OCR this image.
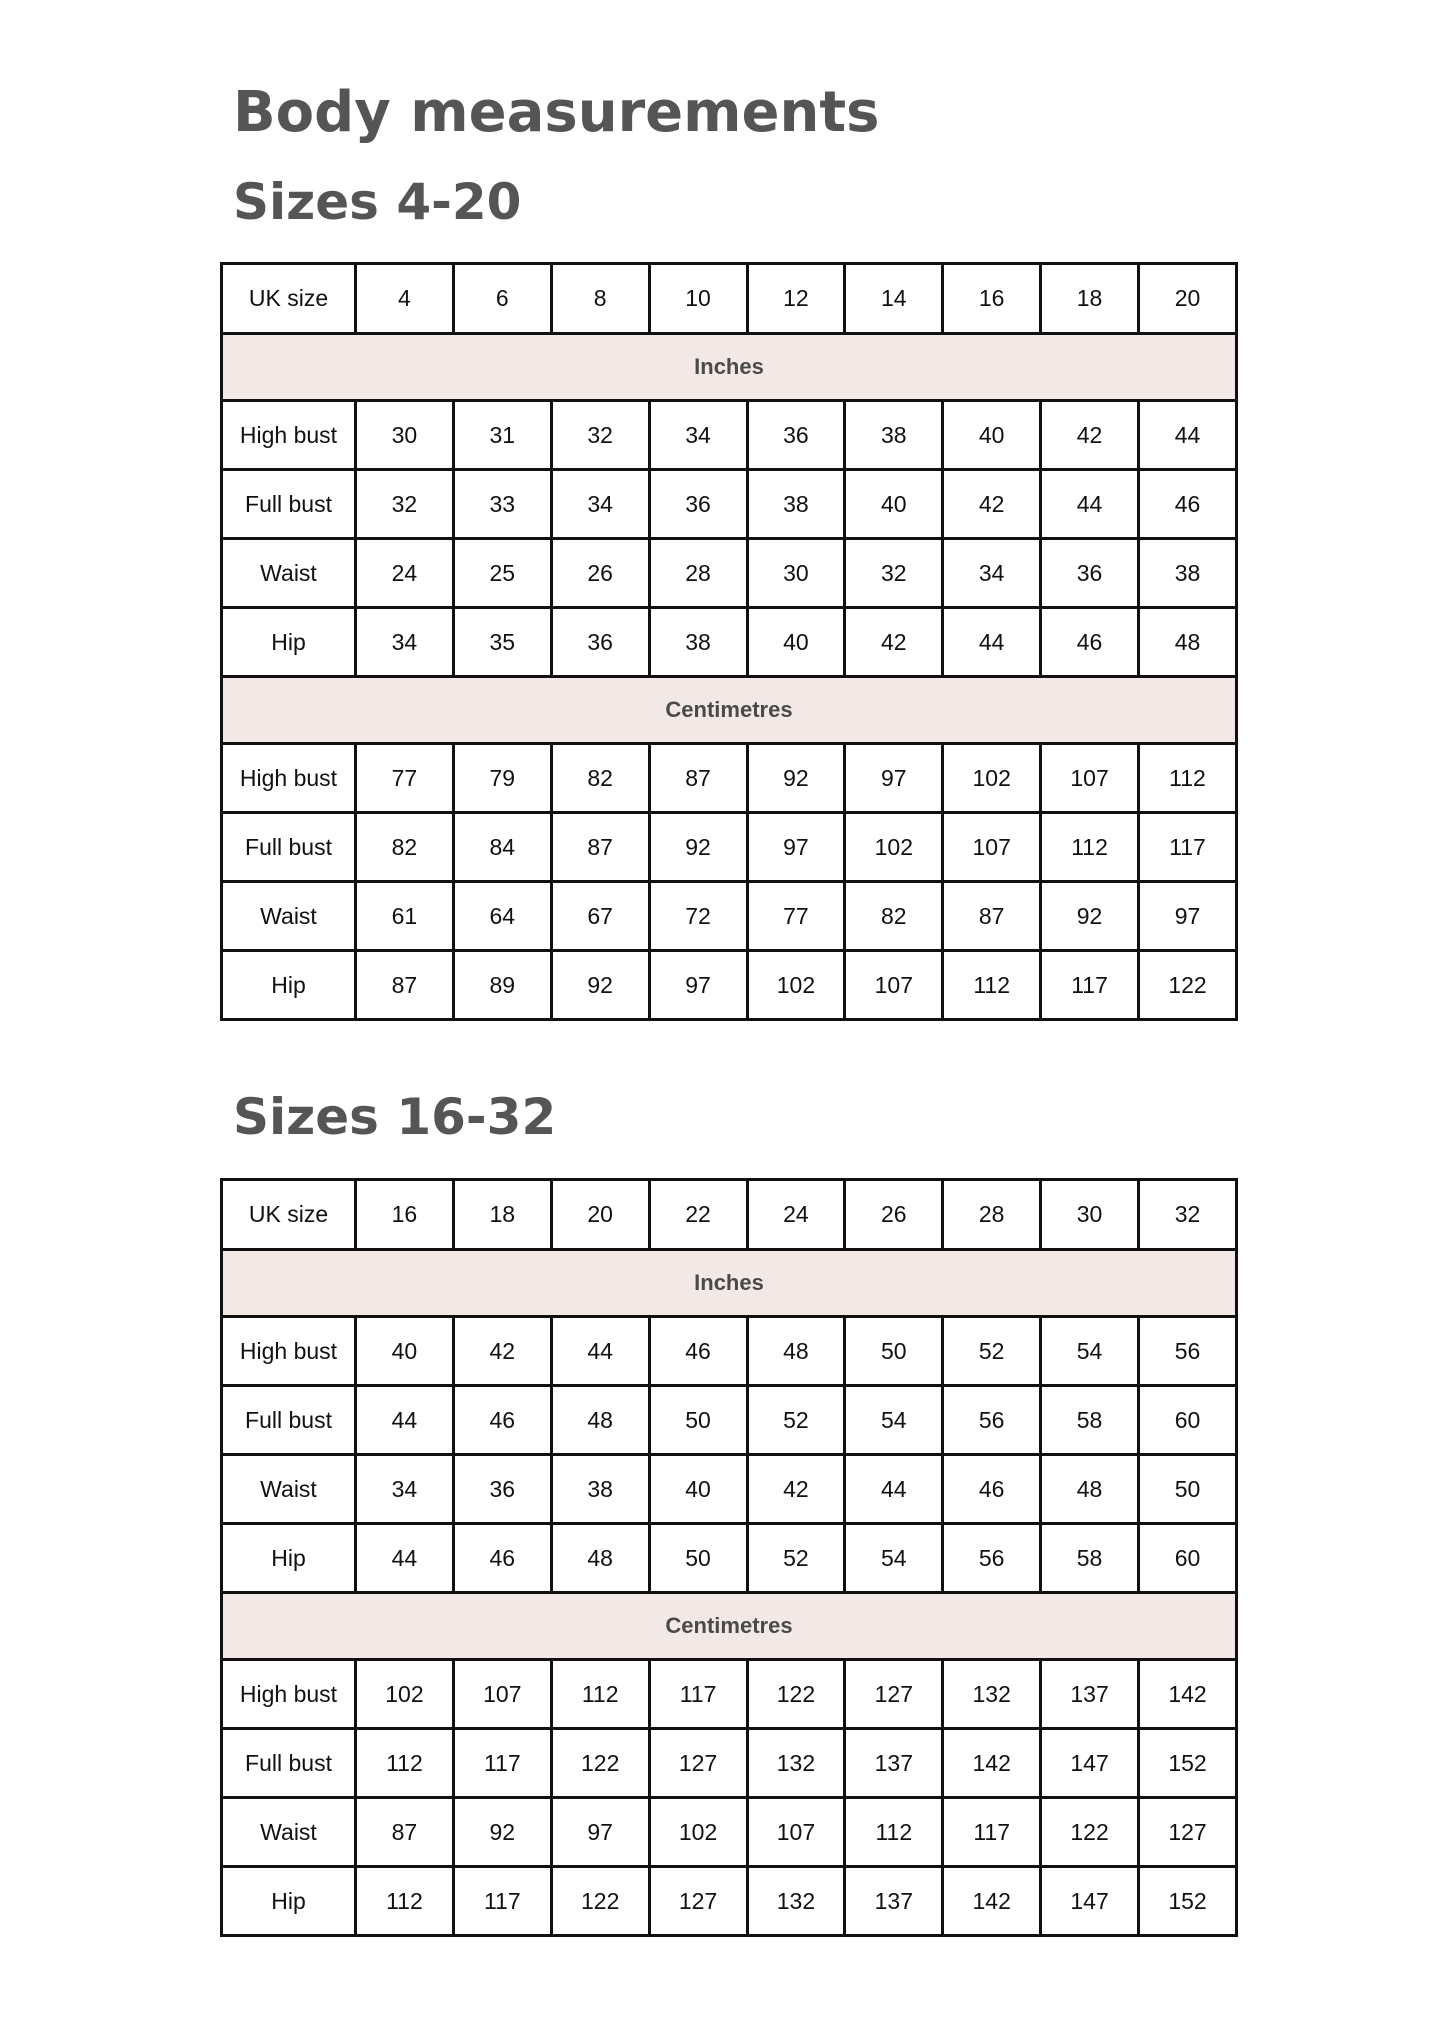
Body measurements
Sizes 4-20
UK size	4	6	8	10	12	14	16	18	20
Inches									
High bust	30	31	32	34	36	38	40	42	44
Full bust	32	33	34	36	38	40	42	44	46
Waist	24	25	26	28	30	32	34	36	38
Hip	34	35	36	38	40	42	44	46	48
Centimetres									
High bust	77	79	82	87	92	97	102	107	112
Full bust	82	84	87	92	97	102	107	112	117
Waist	61	64	67	72	77	82	87	92	97
Hip	87	89	92	97	102	107	112	117	122
Sizes 16-32
UK size	16	18	20	22	24	26	28	30	32
Inches									
High bust	40	42	44	46	48	50	52	54	56
Full bust	44	46	48	50	52	54	56	58	60
Waist	34	36	38	40	42	44	46	48	50
Hip	44	46	48	50	52	54	56	58	60
Centimetres									
High bust	102	107	112	117	122	127	132	137	142
Full bust	112	117	122	127	132	137	142	147	152
Waist	87	92	97	102	107	112	117	122	127
Hip	112	117	122	127	132	137	142	147	152
